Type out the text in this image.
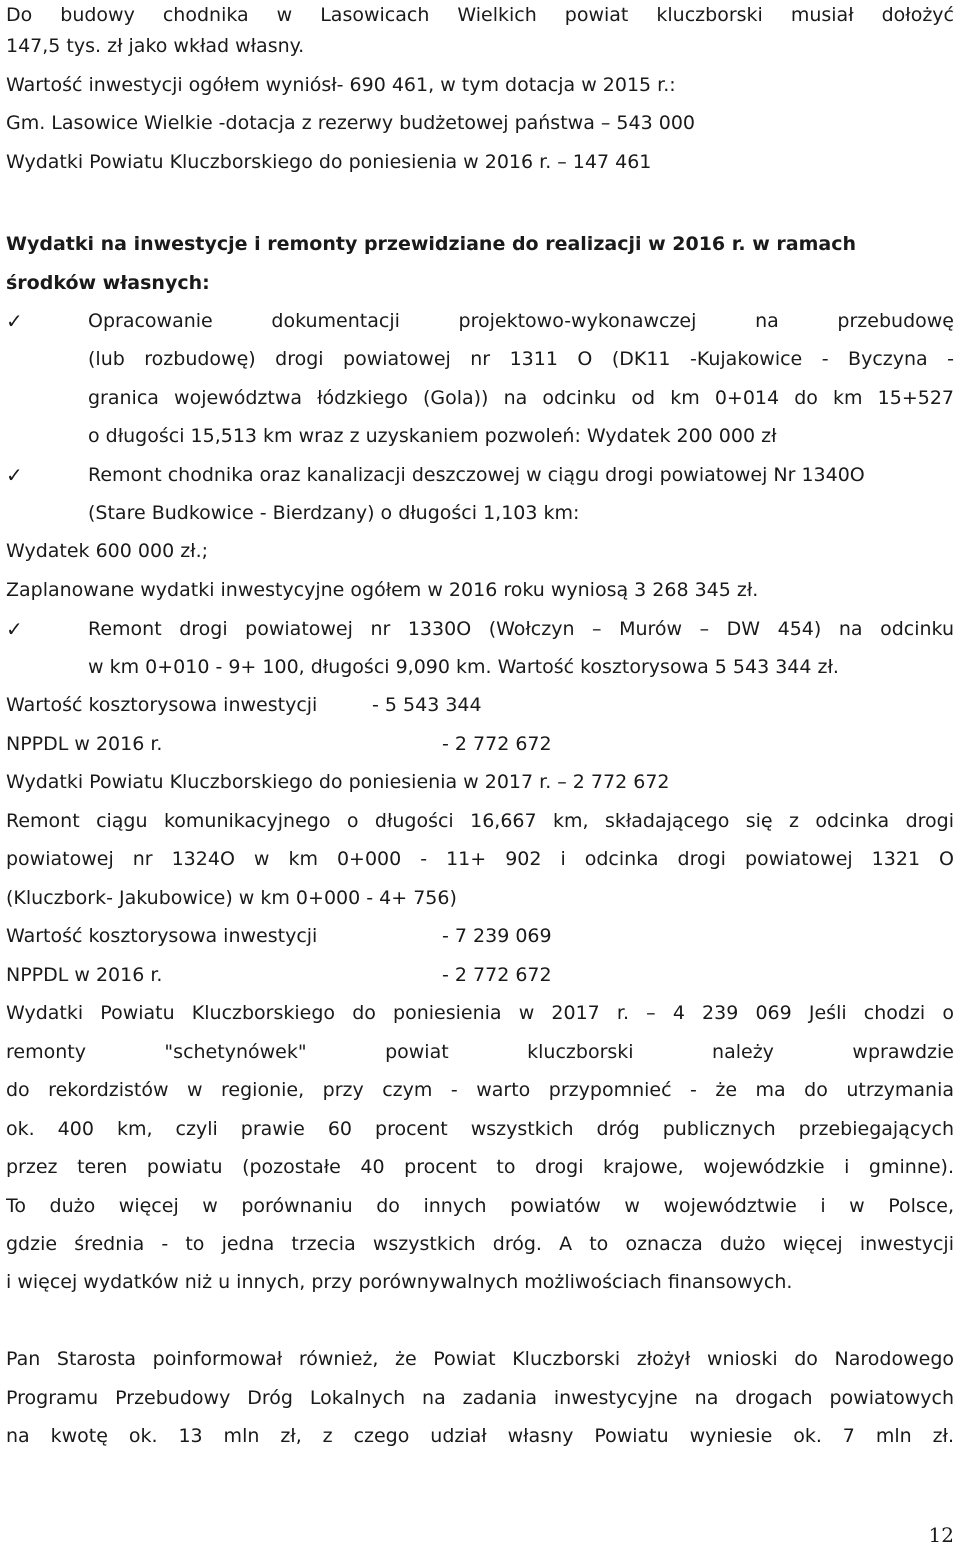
Do budowy chodnika w Lasowicach Wielkich powiat kluczborski musiał dołożyć
147,5 tys. zł jako wkład własny.
Wartość inwestycji ogółem wyniósł- 690 461, w tym dotacja w 2015 r.:
Gm. Lasowice Wielkie -dotacja z rezerwy budżetowej państwa – 543 000
Wydatki Powiatu Kluczborskiego do poniesienia w 2016 r. – 147 461
Wydatki na inwestycje i remonty przewidziane do realizacji w 2016 r. w ramach
środków własnych:
✓	Opracowanie dokumentacji projektowo-wykonawczej na przebudowę
(lub rozbudowę) drogi powiatowej nr 1311 O (DK11 -Kujakowice - Byczyna -
granica województwa łódzkiego (Gola)) na odcinku od km 0+014 do km 15+527
o długości 15,513 km wraz z uzyskaniem pozwoleń: Wydatek 200 000 zł
✓	Remont chodnika oraz kanalizacji deszczowej w ciągu drogi powiatowej Nr 1340O
(Stare Budkowice - Bierdzany) o długości 1,103 km:
Wydatek 600 000 zł.;
Zaplanowane wydatki inwestycyjne ogółem w 2016 roku wyniosą 3 268 345 zł.
✓	Remont drogi powiatowej nr 1330O (Wołczyn – Murów – DW 454) na odcinku
w km 0+010 - 9+ 100, długości 9,090 km. Wartość kosztorysowa 5 543 344 zł.
Wartość kosztorysowa inwestycji	- 5 543 344
NPPDL w 2016 r.	- 2 772 672
Wydatki Powiatu Kluczborskiego do poniesienia w 2017 r. – 2 772 672
Remont ciągu komunikacyjnego o długości 16,667 km, składającego się z odcinka drogi
powiatowej nr 1324O w km 0+000 - 11+ 902 i odcinka drogi powiatowej 1321 O
(Kluczbork- Jakubowice) w km 0+000 - 4+ 756)
Wartość kosztorysowa inwestycji	- 7 239 069
NPPDL w 2016 r.	- 2 772 672
Wydatki Powiatu Kluczborskiego do poniesienia w 2017 r. – 4 239 069 Jeśli chodzi o
remonty "schetynówek" powiat kluczborski należy wprawdzie
do rekordzistów w regionie, przy czym - warto przypomnieć - że ma do utrzymania
ok. 400 km, czyli prawie 60 procent wszystkich dróg publicznych przebiegających
przez teren powiatu (pozostałe 40 procent to drogi krajowe, wojewódzkie i gminne).
To dużo więcej w porównaniu do innych powiatów w województwie i w Polsce,
gdzie średnia - to jedna trzecia wszystkich dróg. A to oznacza dużo więcej inwestycji
i więcej wydatków niż u innych, przy porównywalnych możliwościach finansowych.
Pan Starosta poinformował również, że Powiat Kluczborski złożył wnioski do Narodowego
Programu Przebudowy Dróg Lokalnych na zadania inwestycyjne na drogach powiatowych
na kwotę ok. 13 mln zł, z czego udział własny Powiatu wyniesie ok. 7 mln zł.
12
